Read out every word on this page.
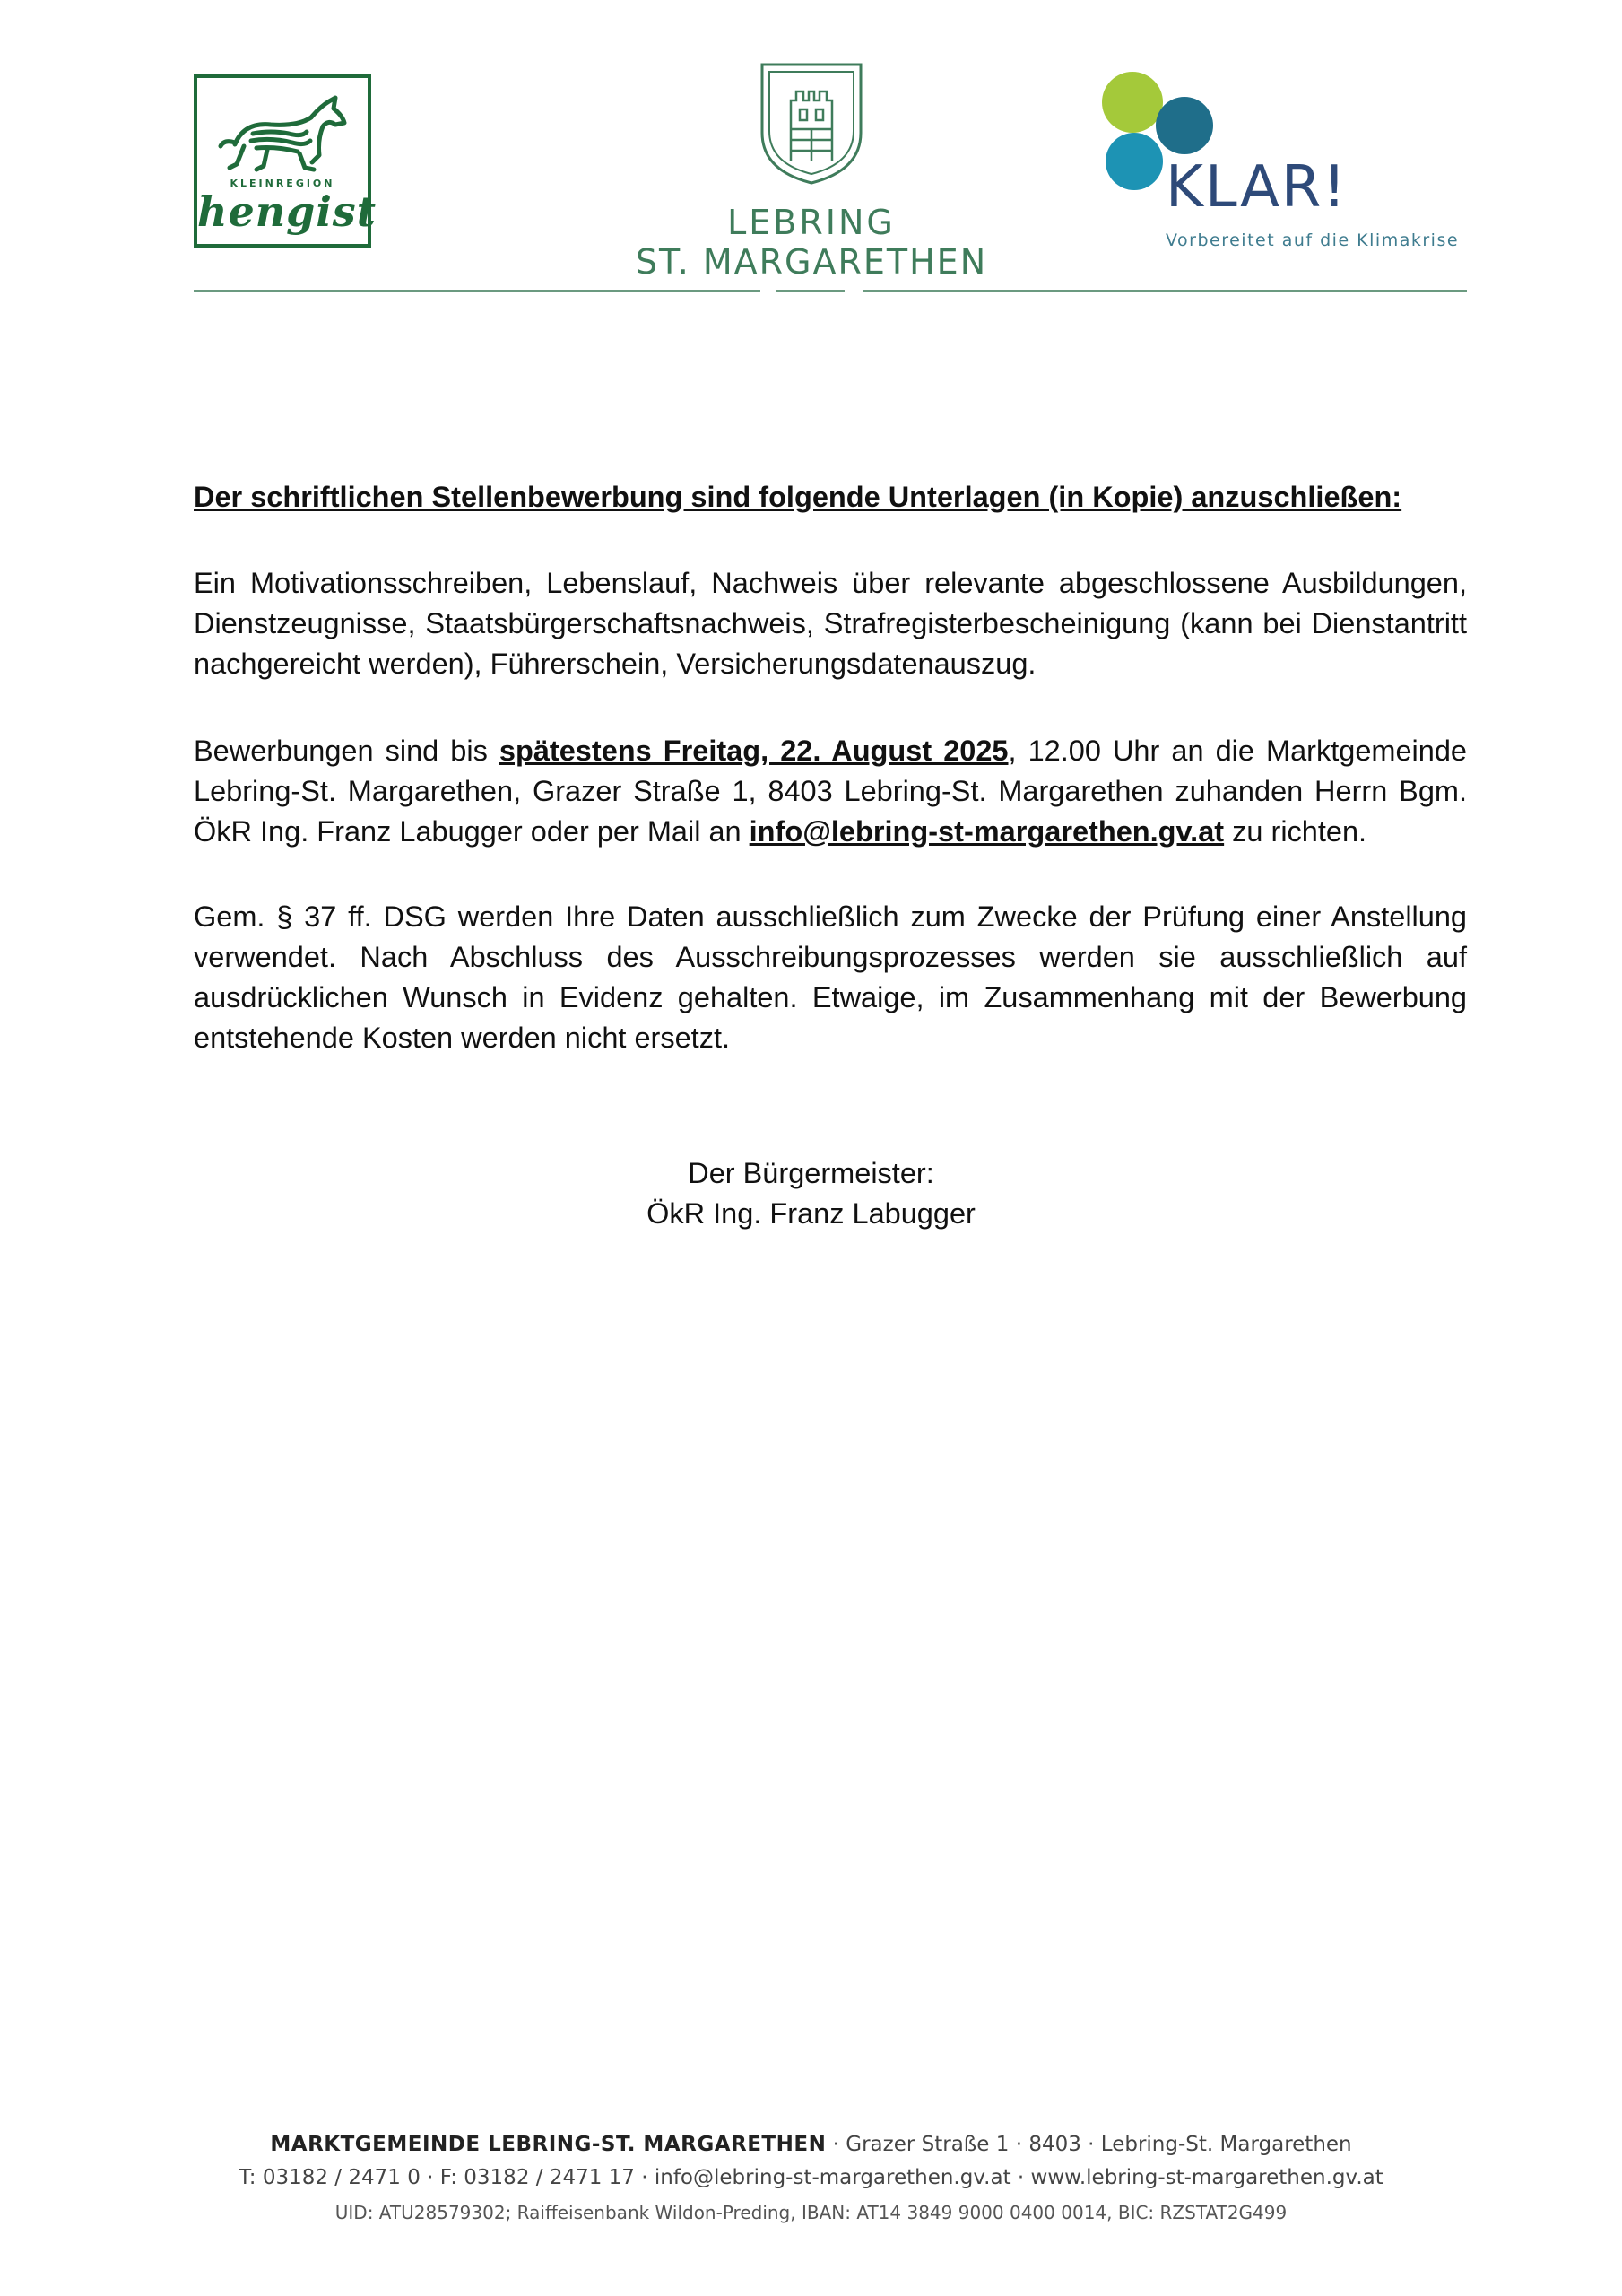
KLEINREGION
hengist	LEBRING
ST. MARGARETHEN
KLAR!
Vorbereitet auf die Klimakrise
Der schriftlichen Stellenbewerbung sind folgende Unterlagen (in Kopie) anzuschließen:
Ein Motivationsschreiben, Lebenslauf, Nachweis über relevante abgeschlossene Ausbildungen, Dienstzeugnisse, Staatsbürgerschaftsnachweis, Strafregisterbescheinigung (kann bei Dienstantritt nachgereicht werden), Führerschein, Versicherungsdatenauszug.
Bewerbungen sind bis spätestens Freitag, 22. August 2025, 12.00 Uhr an die Marktgemeinde Lebring-St. Margarethen, Grazer Straße 1, 8403 Lebring-St. Margarethen zuhanden Herrn Bgm. ÖkR Ing. Franz Labugger oder per Mail an info@lebring-st-margarethen.gv.at zu richten.
Gem. § 37 ff. DSG werden Ihre Daten ausschließlich zum Zwecke der Prüfung einer Anstellung verwendet. Nach Abschluss des Ausschreibungsprozesses werden sie ausschließlich auf ausdrücklichen Wunsch in Evidenz gehalten. Etwaige, im Zusammenhang mit der Bewerbung entstehende Kosten werden nicht ersetzt.
Der Bürgermeister:
ÖkR Ing. Franz Labugger
MARKTGEMEINDE LEBRING-ST. MARGARETHEN · Grazer Straße 1 · 8403 · Lebring-St. Margarethen
T: 03182 / 2471 0 · F: 03182 / 2471 17 · info@lebring-st-margarethen.gv.at · www.lebring-st-margarethen.gv.at
UID: ATU28579302; Raiffeisenbank Wildon-Preding, IBAN: AT14 3849 9000 0400 0014, BIC: RZSTAT2G499
